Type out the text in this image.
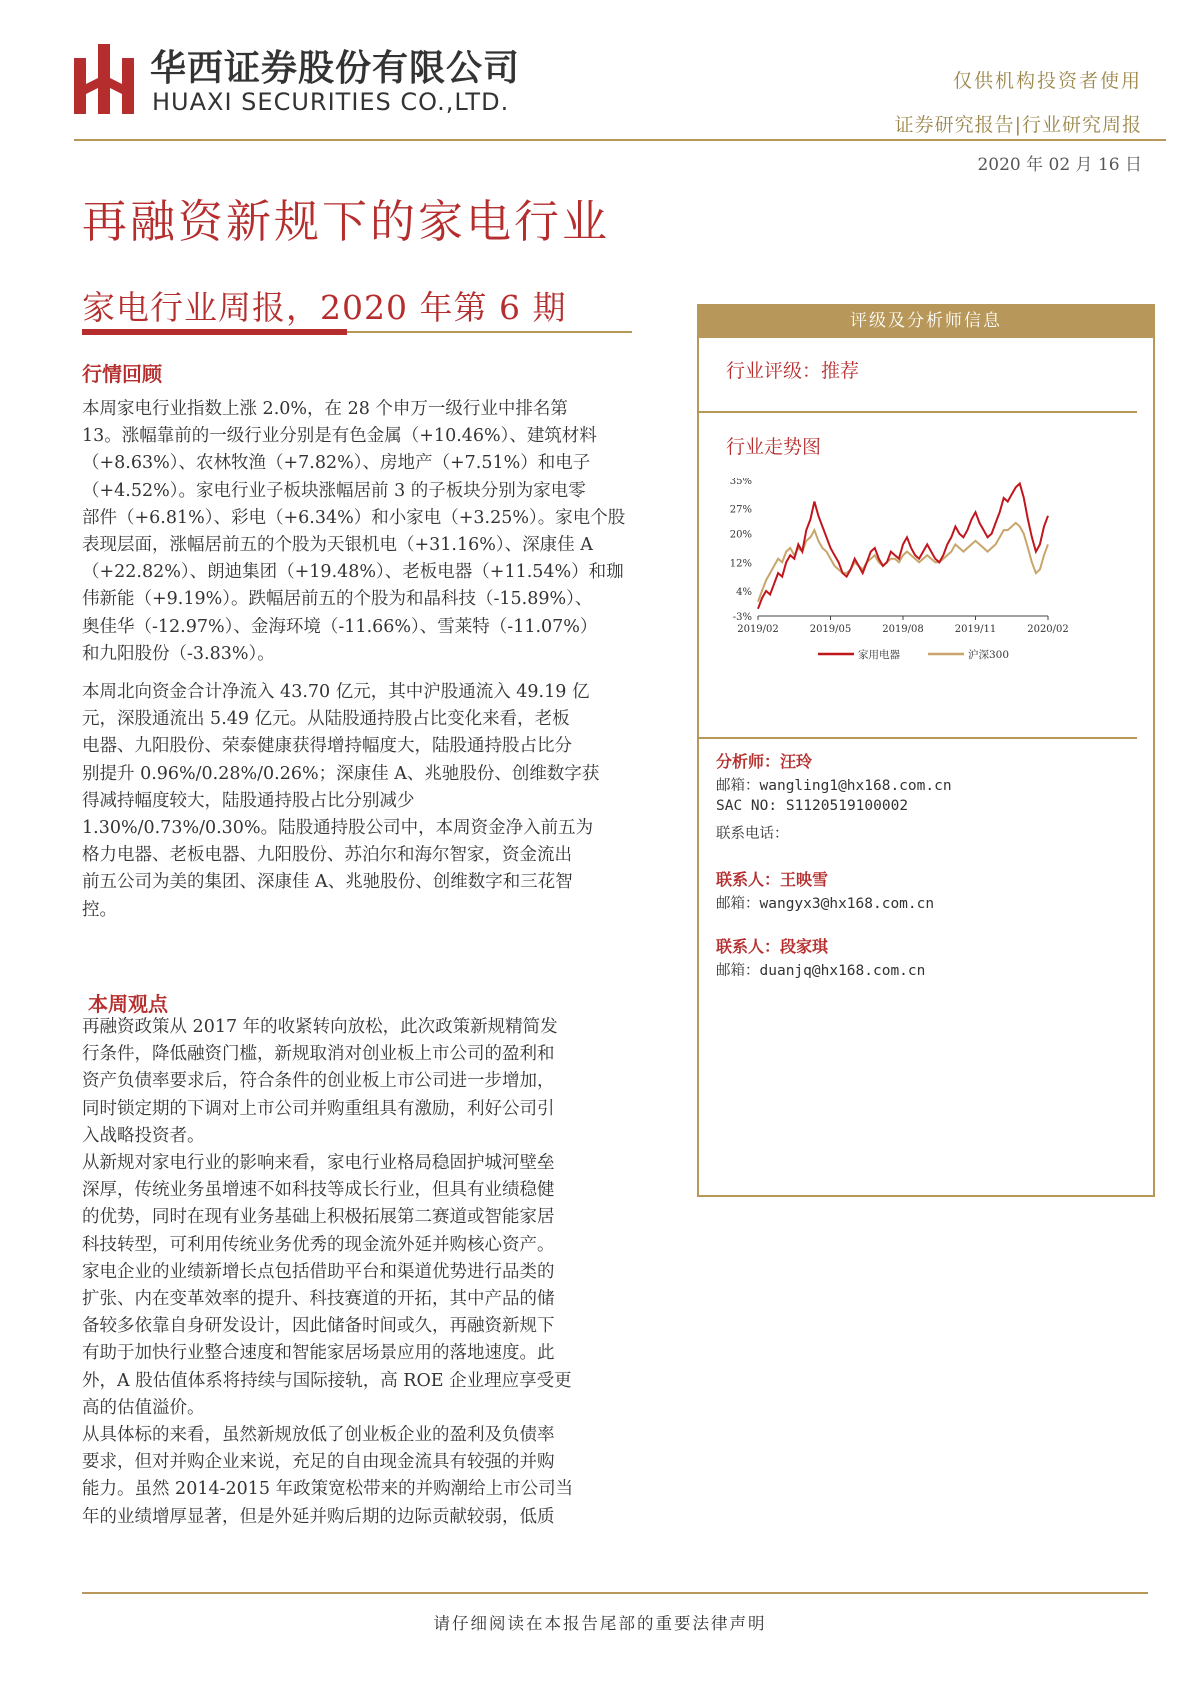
华西证券股份有限公司
HUAXI SECURITIES CO.,LTD.
仅供机构投资者使用
证券研究报告|行业研究周报
2020 年 02 月 16 日
再融资新规下的家电行业
家电行业周报，2020 年第 6 期
行情回顾
本周家电行业指数上涨 2.0%，在 28 个申万一级行业中排名第
13。涨幅靠前的一级行业分别是有色金属（+10.46%）、建筑材料
（+8.63%）、农林牧渔（+7.82%）、房地产（+7.51%）和电子
（+4.52%）。家电行业子板块涨幅居前 3 的子板块分别为家电零
部件（+6.81%）、彩电（+6.34%）和小家电（+3.25%）。家电个股
表现层面，涨幅居前五的个股为天银机电（+31.16%）、深康佳 A
（+22.82%）、朗迪集团（+19.48%）、老板电器（+11.54%）和珈
伟新能（+9.19%）。跌幅居前五的个股为和晶科技（-15.89%）、
奥佳华（-12.97%）、金海环境（-11.66%）、雪莱特（-11.07%）
和九阳股份（-3.83%）。
本周北向资金合计净流入 43.70 亿元，其中沪股通流入 49.19 亿
元，深股通流出 5.49 亿元。从陆股通持股占比变化来看，老板
电器、九阳股份、荣泰健康获得增持幅度大，陆股通持股占比分
别提升 0.96%/0.28%/0.26%；深康佳 A、兆驰股份、创维数字获
得减持幅度较大，陆股通持股占比分别减少
1.30%/0.73%/0.30%。陆股通持股公司中，本周资金净入前五为
格力电器、老板电器、九阳股份、苏泊尔和海尔智家，资金流出
前五公司为美的集团、深康佳 A、兆驰股份、创维数字和三花智
控。
本周观点
再融资政策从 2017 年的收紧转向放松，此次政策新规精简发
行条件，降低融资门槛，新规取消对创业板上市公司的盈利和
资产负债率要求后，符合条件的创业板上市公司进一步增加，
同时锁定期的下调对上市公司并购重组具有激励，利好公司引
入战略投资者。
从新规对家电行业的影响来看，家电行业格局稳固护城河壁垒
深厚，传统业务虽增速不如科技等成长行业，但具有业绩稳健
的优势，同时在现有业务基础上积极拓展第二赛道或智能家居
科技转型，可利用传统业务优秀的现金流外延并购核心资产。
家电企业的业绩新增长点包括借助平台和渠道优势进行品类的
扩张、内在变革效率的提升、科技赛道的开拓，其中产品的储
备较多依靠自身研发设计，因此储备时间或久，再融资新规下
有助于加快行业整合速度和智能家居场景应用的落地速度。此
外，A 股估值体系将持续与国际接轨，高 ROE 企业理应享受更
高的估值溢价。
从具体标的来看，虽然新规放低了创业板企业的盈利及负债率
要求，但对并购企业来说，充足的自由现金流具有较强的并购
能力。虽然 2014-2015 年政策宽松带来的并购潮给上市公司当
年的业绩增厚显著，但是外延并购后期的边际贡献较弱，低质
评级及分析师信息
行业评级：推荐
行业走势图
35%
27%
20%
12%
4%
-3%
2019/02	2019/05	2019/08	2019/11	2020/02
家用电器	沪深300
分析师：汪玲
邮箱：wangling1@hx168.com.cn
SAC NO: S1120519100002
联系电话：
联系人：王映雪
邮箱：wangyx3@hx168.com.cn
联系人：段家琪
邮箱：duanjq@hx168.com.cn
请仔细阅读在本报告尾部的重要法律声明
